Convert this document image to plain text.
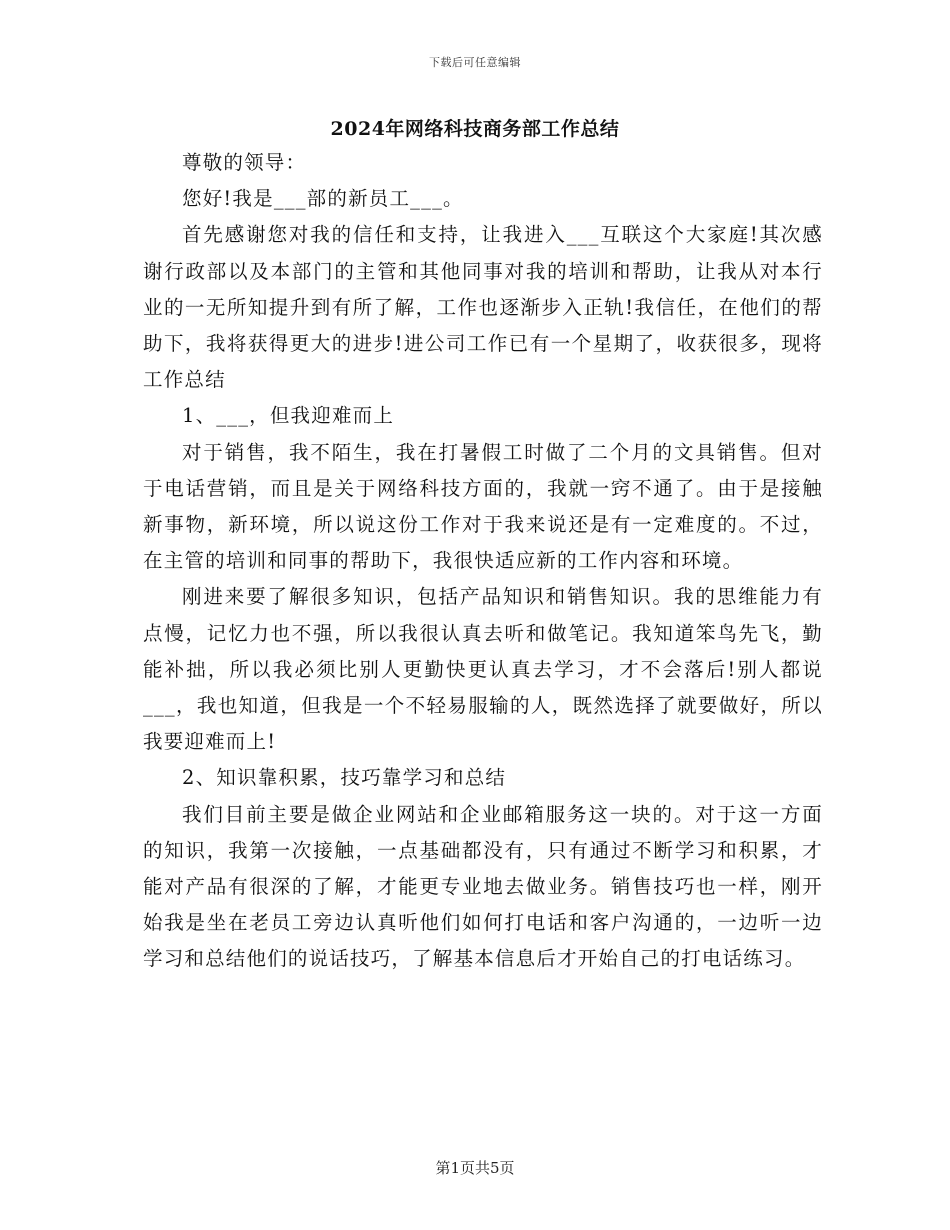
下载后可任意编辑
2024年网络科技商务部工作总结

尊敬的领导：

您好!我是___部的新员工___。

首先感谢您对我的信任和支持，让我进入___互联这个大家庭!其次感谢行政部以及本部门的主管和其他同事对我的培训和帮助，让我从对本行业的一无所知提升到有所了解，工作也逐渐步入正轨!我信任，在他们的帮助下，我将获得更大的进步!进公司工作已有一个星期了，收获很多，现将工作总结

1、___，但我迎难而上

对于销售，我不陌生，我在打暑假工时做了二个月的文具销售。但对于电话营销，而且是关于网络科技方面的，我就一窍不通了。由于是接触新事物，新环境，所以说这份工作对于我来说还是有一定难度的。不过，在主管的培训和同事的帮助下，我很快适应新的工作内容和环境。

刚进来要了解很多知识，包括产品知识和销售知识。我的思维能力有点慢，记忆力也不强，所以我很认真去听和做笔记。我知道笨鸟先飞，勤能补拙，所以我必须比别人更勤快更认真去学习，才不会落后!别人都说___，我也知道，但我是一个不轻易服输的人，既然选择了就要做好，所以我要迎难而上!

2、知识靠积累，技巧靠学习和总结

我们目前主要是做企业网站和企业邮箱服务这一块的。对于这一方面的知识，我第一次接触，一点基础都没有，只有通过不断学习和积累，才能对产品有很深的了解，才能更专业地去做业务。销售技巧也一样，刚开始我是坐在老员工旁边认真听他们如何打电话和客户沟通的，一边听一边学习和总结他们的说话技巧，了解基本信息后才开始自己的打电话练习。

第1页共5页
